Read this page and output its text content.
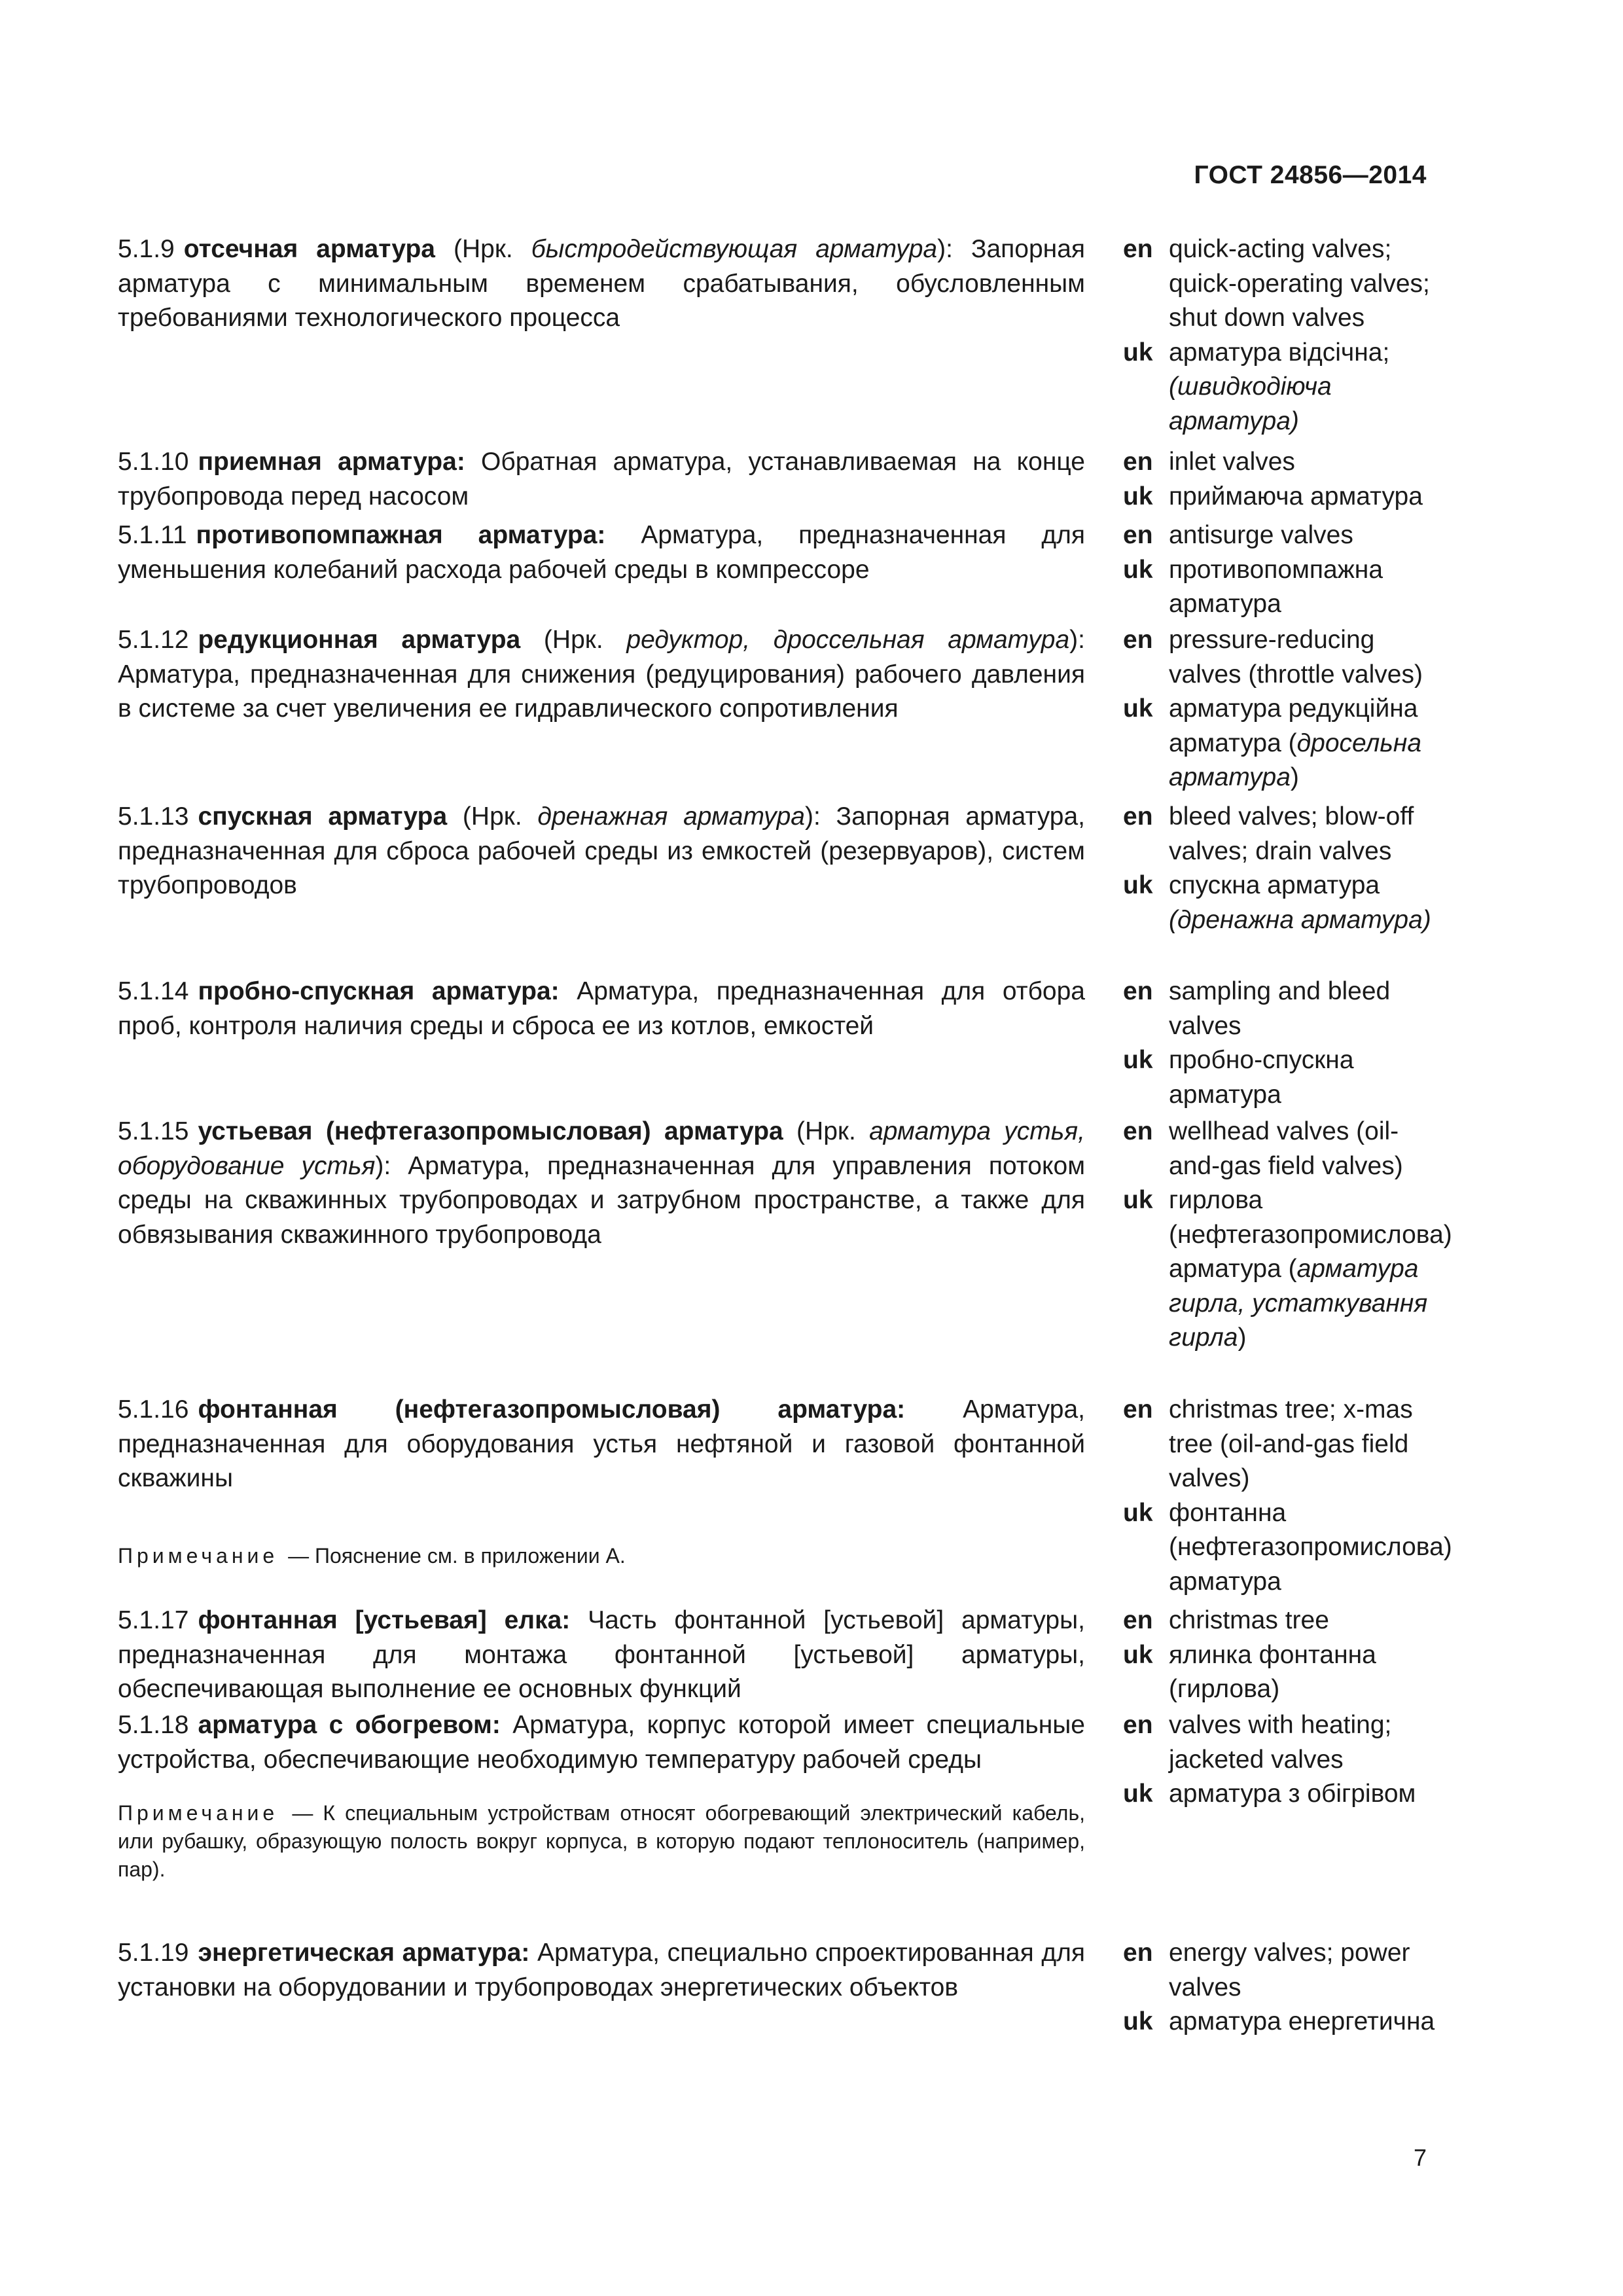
ГОСТ 24856—2014
5.1.9 отсечная арматура (Нрк. быстродействующая арматура): Запорная арматура с минимальным временем срабатывания, обусловленным требованиями технологического процесса
en quick-acting valves; quick-operating valves; shut down valves
uk арматура відсічна; (швидкодіюча арматура)
5.1.10 приемная арматура: Обратная арматура, устанавливаемая на конце трубопровода перед насосом
en inlet valves
uk приймаюча арматура
5.1.11 противопомпажная арматура: Арматура, предназначенная для уменьшения колебаний расхода рабочей среды в компрессоре
en antisurge valves
uk противопомпажна арматура
5.1.12 редукционная арматура (Нрк. редуктор, дроссельная арматура): Арматура, предназначенная для снижения (редуцирования) рабочего давления в системе за счет увеличения ее гидравлического сопротивления
en pressure-reducing valves (throttle valves)
uk арматура редукційна арматура (дросельна арматура)
5.1.13 спускная арматура (Нрк. дренажная арматура): Запорная арматура, предназначенная для сброса рабочей среды из емкостей (резервуаров), систем трубопроводов
en bleed valves; blow-off valves; drain valves
uk спускна арматура (дренажна арматура)
5.1.14 пробно-спускная арматура: Арматура, предназначенная для отбора проб, контроля наличия среды и сброса ее из котлов, емкостей
en sampling and bleed valves
uk пробно-спускна арматура
5.1.15 устьевая (нефтегазопромысловая) арматура (Нрк. арматура устья, оборудование устья): Арматура, предназначенная для управления потоком среды на скважинных трубопроводах и затрубном пространстве, а также для обвязывания скважинного трубопровода
en wellhead valves (oil-and-gas field valves)
uk гирлова (нефтегазопромислова) арматура (арматура гирла, устаткування гирла)
5.1.16 фонтанная (нефтегазопромысловая) арматура: Арматура, предназначенная для оборудования устья нефтяной и газовой фонтанной скважины
Примечание — Пояснение см. в приложении А.
en christmas tree; x-mas tree (oil-and-gas field valves)
uk фонтанна (нефтегазопромислова) арматура
5.1.17 фонтанная [устьевая] елка: Часть фонтанной [устьевой] арматуры, предназначенная для монтажа фонтанной [устьевой] арматуры, обеспечивающая выполнение ее основных функций
en christmas tree
uk ялинка фонтанна (гирлова)
5.1.18 арматура с обогревом: Арматура, корпус которой имеет специальные устройства, обеспечивающие необходимую температуру рабочей среды
Примечание — К специальным устройствам относят обогревающий электрический кабель, или рубашку, образующую полость вокруг корпуса, в которую подают теплоноситель (например, пар).
en valves with heating; jacketed valves
uk арматура з обігрівом
5.1.19 энергетическая арматура: Арматура, специально спроектированная для установки на оборудовании и трубопроводах энергетических объектов
en energy valves; power valves
uk арматура енергетична
7
